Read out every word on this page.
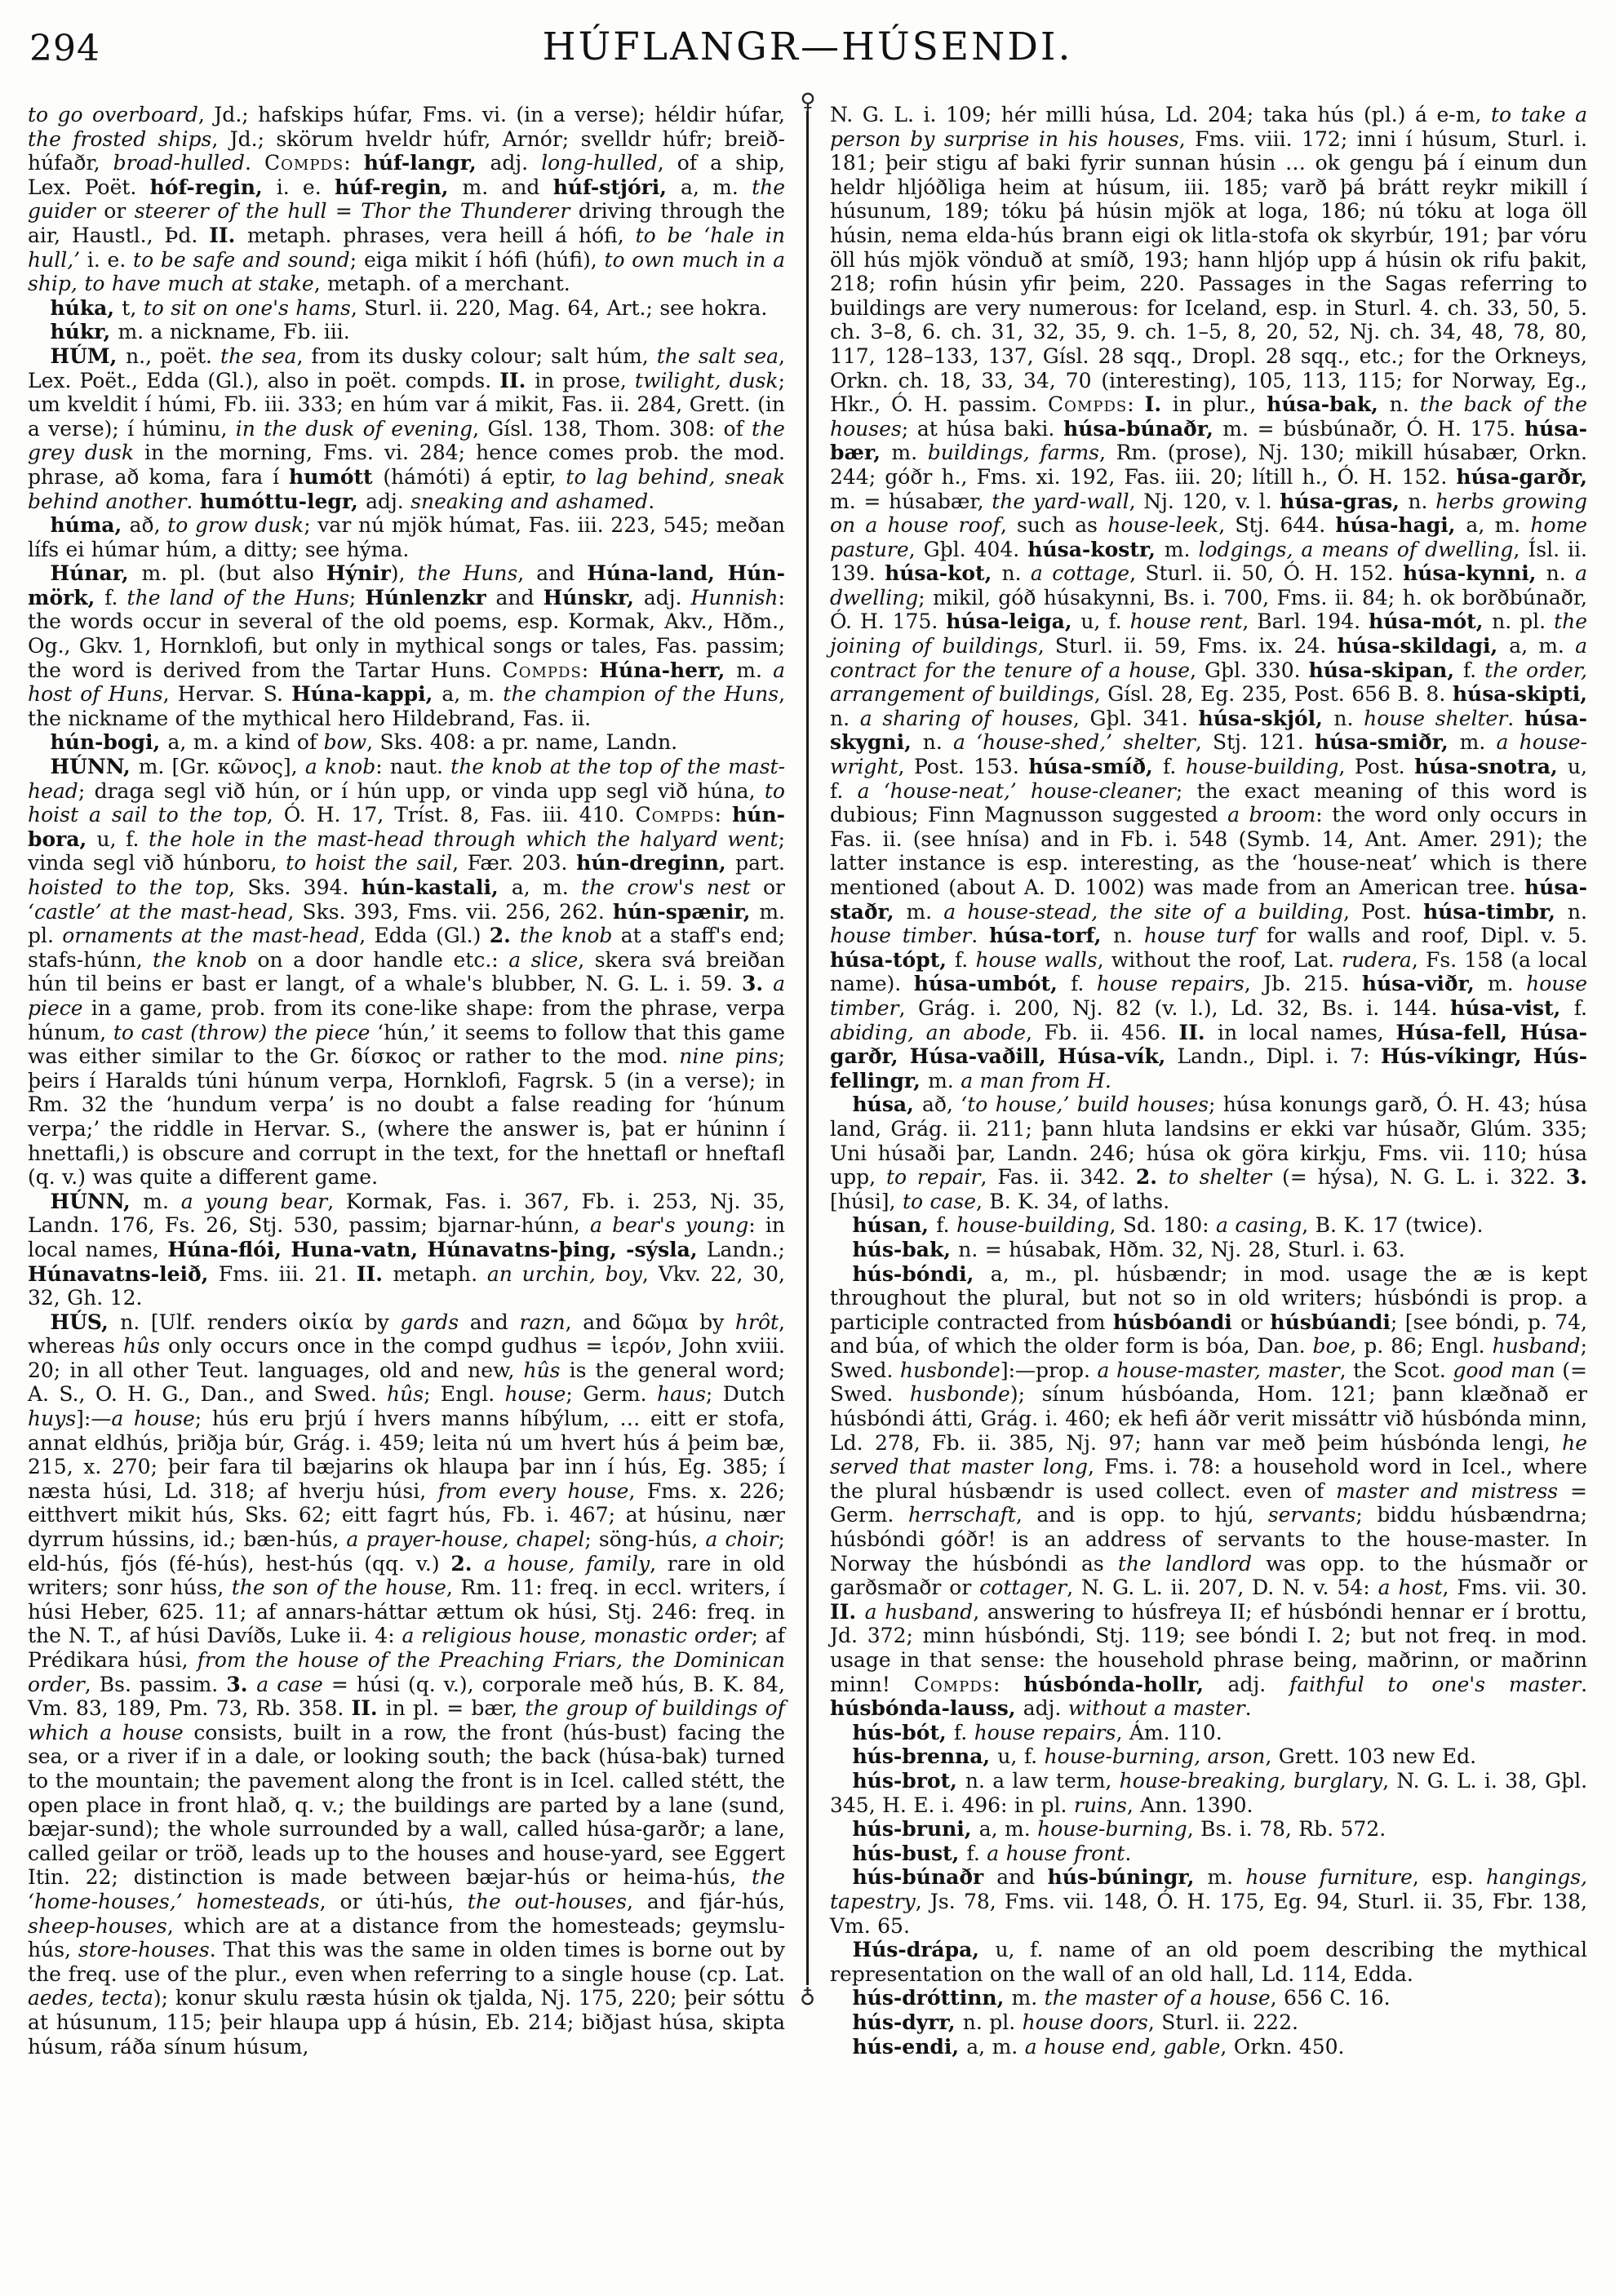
294	HÚFLANGR—HÚSENDI.

to go overboard, Jd.; hafskips húfar, Fms. vi. (in a verse); héldir húfar, the frosted ships, Jd.; skörum hveldr húfr, Arnór; svelldr húfr; breið-húfaðr, broad-hulled. Compds: húf-langr, adj. long-hulled, of a ship, Lex. Poët. hóf-regin, i. e. húf-regin, m. and húf-stjóri, a, m. the guider or steerer of the hull = Thor the Thunderer driving through the air, Haustl., Þd. II. metaph. phrases, vera heill á hófi, to be ‘hale in hull,’ i. e. to be safe and sound; eiga mikit í hófi (húfi), to own much in a ship, to have much at stake, metaph. of a merchant.

húka, t, to sit on one's hams, Sturl. ii. 220, Mag. 64, Art.; see hokra.

húkr, m. a nickname, Fb. iii.

HÚM, n., poët. the sea, from its dusky colour; salt húm, the salt sea, Lex. Poët., Edda (Gl.), also in poët. compds. II. in prose, twilight, dusk; um kveldit í húmi, Fb. iii. 333; en húm var á mikit, Fas. ii. 284, Grett. (in a verse); í húminu, in the dusk of evening, Gísl. 138, Thom. 308: of the grey dusk in the morning, Fms. vi. 284; hence comes prob. the mod. phrase, að koma, fara í humótt (hámóti) á eptir, to lag behind, sneak behind another. humóttu-legr, adj. sneaking and ashamed.

húma, að, to grow dusk; var nú mjök húmat, Fas. iii. 223, 545; meðan lífs ei húmar húm, a ditty; see hýma.

Húnar, m. pl. (but also Hýnir), the Huns, and Húna-land, Hún-mörk, f. the land of the Huns; Húnlenzkr and Húnskr, adj. Hunnish: the words occur in several of the old poems, esp. Kormak, Akv., Hðm., Og., Gkv. 1, Hornklofi, but only in mythical songs or tales, Fas. passim; the word is derived from the Tartar Huns. Compds: Húna-herr, m. a host of Huns, Hervar. S. Húna-kappi, a, m. the champion of the Huns, the nickname of the mythical hero Hildebrand, Fas. ii.

hún-bogi, a, m. a kind of bow, Sks. 408: a pr. name, Landn.

HÚNN, m. [Gr. κῶνος], a knob: naut. the knob at the top of the mast-head; draga segl við hún, or í hún upp, or vinda upp segl við húna, to hoist a sail to the top, Ó. H. 17, Tríst. 8, Fas. iii. 410. Compds: hún-bora, u, f. the hole in the mast-head through which the halyard went; vinda segl við húnboru, to hoist the sail, Fær. 203. hún-dreginn, part. hoisted to the top, Sks. 394. hún-kastali, a, m. the crow's nest or ‘castle’ at the mast-head, Sks. 393, Fms. vii. 256, 262. hún-spænir, m. pl. ornaments at the mast-head, Edda (Gl.) 2. the knob at a staff's end; stafs-húnn, the knob on a door handle etc.: a slice, skera svá breiðan hún til beins er bast er langt, of a whale's blubber, N. G. L. i. 59. 3. a piece in a game, prob. from its cone-like shape: from the phrase, verpa húnum, to cast (throw) the piece ‘hún,’ it seems to follow that this game was either similar to the Gr. δίσκος or rather to the mod. nine pins; þeirs í Haralds túni húnum verpa, Hornklofi, Fagrsk. 5 (in a verse); in Rm. 32 the ‘hundum verpa’ is no doubt a false reading for ‘húnum verpa;’ the riddle in Hervar. S., (where the answer is, þat er húninn í hnettafli,) is obscure and corrupt in the text, for the hnettafl or hneftafl (q. v.) was quite a different game.

HÚNN, m. a young bear, Kormak, Fas. i. 367, Fb. i. 253, Nj. 35, Landn. 176, Fs. 26, Stj. 530, passim; bjarnar-húnn, a bear's young: in local names, Húna-flói, Huna-vatn, Húnavatns-þing, -sýsla, Landn.; Húnavatns-leið, Fms. iii. 21. II. metaph. an urchin, boy, Vkv. 22, 30, 32, Gh. 12.

HÚS, n. [Ulf. renders οἰκία by gards and razn, and δῶμα by hrôt, whereas hûs only occurs once in the compd gudhus = ἱερόν, John xviii. 20; in all other Teut. languages, old and new, hûs is the general word; A. S., O. H. G., Dan., and Swed. hûs; Engl. house; Germ. haus; Dutch huys]:—a house; hús eru þrjú í hvers manns híbýlum, … eitt er stofa, annat eldhús, þriðja búr, Grág. i. 459; leita nú um hvert hús á þeim bæ, 215, x. 270; þeir fara til bæjarins ok hlaupa þar inn í hús, Eg. 385; í næsta húsi, Ld. 318; af hverju húsi, from every house, Fms. x. 226; eitthvert mikit hús, Sks. 62; eitt fagrt hús, Fb. i. 467; at húsinu, nær dyrrum hússins, id.; bæn-hús, a prayer-house, chapel; söng-hús, a choir; eld-hús, fjós (fé-hús), hest-hús (qq. v.) 2. a house, family, rare in old writers; sonr húss, the son of the house, Rm. 11: freq. in eccl. writers, í húsi Heber, 625. 11; af annars-háttar ættum ok húsi, Stj. 246: freq. in the N. T., af húsi Davíðs, Luke ii. 4: a religious house, monastic order; af Prédikara húsi, from the house of the Preaching Friars, the Dominican order, Bs. passim. 3. a case = húsi (q. v.), corporale með hús, B. K. 84, Vm. 83, 189, Pm. 73, Rb. 358. II. in pl. = bær, the group of buildings of which a house consists, built in a row, the front (hús-bust) facing the sea, or a river if in a dale, or looking south; the back (húsa-bak) turned to the mountain; the pavement along the front is in Icel. called stétt, the open place in front hlað, q. v.; the buildings are parted by a lane (sund, bæjar-sund); the whole surrounded by a wall, called húsa-garðr; a lane, called geilar or tröð, leads up to the houses and house-yard, see Eggert Itin. 22; distinction is made between bæjar-hús or heima-hús, the ‘home-houses,’ homesteads, or úti-hús, the out-houses, and fjár-hús, sheep-houses, which are at a distance from the homesteads; geymslu-hús, store-houses. That this was the same in olden times is borne out by the freq. use of the plur., even when referring to a single house (cp. Lat. aedes, tecta); konur skulu ræsta húsin ok tjalda, Nj. 175, 220; þeir sóttu at húsunum, 115; þeir hlaupa upp á húsin, Eb. 214; biðjast húsa, skipta húsum, ráða sínum húsum,

♁
♁

N. G. L. i. 109; hér milli húsa, Ld. 204; taka hús (pl.) á e-m, to take a person by surprise in his houses, Fms. viii. 172; inni í húsum, Sturl. i. 181; þeir stigu af baki fyrir sunnan húsin … ok gengu þá í einum dun heldr hljóðliga heim at húsum, iii. 185; varð þá brátt reykr mikill í húsunum, 189; tóku þá húsin mjök at loga, 186; nú tóku at loga öll húsin, nema elda-hús brann eigi ok litla-stofa ok skyrbúr, 191; þar vóru öll hús mjök vönduð at smíð, 193; hann hljóp upp á húsin ok rifu þakit, 218; rofin húsin yfir þeim, 220. Passages in the Sagas referring to buildings are very numerous: for Iceland, esp. in Sturl. 4. ch. 33, 50, 5. ch. 3–8, 6. ch. 31, 32, 35, 9. ch. 1–5, 8, 20, 52, Nj. ch. 34, 48, 78, 80, 117, 128–133, 137, Gísl. 28 sqq., Dropl. 28 sqq., etc.; for the Orkneys, Orkn. ch. 18, 33, 34, 70 (interesting), 105, 113, 115; for Norway, Eg., Hkr., Ó. H. passim. Compds: I. in plur., húsa-bak, n. the back of the houses; at húsa baki. húsa-búnaðr, m. = búsbúnaðr, Ó. H. 175. húsa-bær, m. buildings, farms, Rm. (prose), Nj. 130; mikill húsabær, Orkn. 244; góðr h., Fms. xi. 192, Fas. iii. 20; lítill h., Ó. H. 152. húsa-garðr, m. = húsabær, the yard-wall, Nj. 120, v. l. húsa-gras, n. herbs growing on a house roof, such as house-leek, Stj. 644. húsa-hagi, a, m. home pasture, Gþl. 404. húsa-kostr, m. lodgings, a means of dwelling, Ísl. ii. 139. húsa-kot, n. a cottage, Sturl. ii. 50, Ó. H. 152. húsa-kynni, n. a dwelling; mikil, góð húsakynni, Bs. i. 700, Fms. ii. 84; h. ok borðbúnaðr, Ó. H. 175. húsa-leiga, u, f. house rent, Barl. 194. húsa-mót, n. pl. the joining of buildings, Sturl. ii. 59, Fms. ix. 24. húsa-skildagi, a, m. a contract for the tenure of a house, Gþl. 330. húsa-skipan, f. the order, arrangement of buildings, Gísl. 28, Eg. 235, Post. 656 B. 8. húsa-skipti, n. a sharing of houses, Gþl. 341. húsa-skjól, n. house shelter. húsa-skygni, n. a ‘house-shed,’ shelter, Stj. 121. húsa-smiðr, m. a house-wright, Post. 153. húsa-smíð, f. house-building, Post. húsa-snotra, u, f. a ‘house-neat,’ house-cleaner; the exact meaning of this word is dubious; Finn Magnusson suggested a broom: the word only occurs in Fas. ii. (see hnísa) and in Fb. i. 548 (Symb. 14, Ant. Amer. 291); the latter instance is esp. interesting, as the ‘house-neat’ which is there mentioned (about A. D. 1002) was made from an American tree. húsa-staðr, m. a house-stead, the site of a building, Post. húsa-timbr, n. house timber. húsa-torf, n. house turf for walls and roof, Dipl. v. 5. húsa-tópt, f. house walls, without the roof, Lat. rudera, Fs. 158 (a local name). húsa-umbót, f. house repairs, Jb. 215. húsa-viðr, m. house timber, Grág. i. 200, Nj. 82 (v. l.), Ld. 32, Bs. i. 144. húsa-vist, f. abiding, an abode, Fb. ii. 456. II. in local names, Húsa-fell, Húsa-garðr, Húsa-vaðill, Húsa-vík, Landn., Dipl. i. 7: Hús-víkingr, Hús-fellingr, m. a man from H.

húsa, að, ‘to house,’ build houses; húsa konungs garð, Ó. H. 43; húsa land, Grág. ii. 211; þann hluta landsins er ekki var húsaðr, Glúm. 335; Uni húsaði þar, Landn. 246; húsa ok göra kirkju, Fms. vii. 110; húsa upp, to repair, Fas. ii. 342. 2. to shelter (= hýsa), N. G. L. i. 322. 3. [húsi], to case, B. K. 34, of laths.

húsan, f. house-building, Sd. 180: a casing, B. K. 17 (twice).

hús-bak, n. = húsabak, Hðm. 32, Nj. 28, Sturl. i. 63.

hús-bóndi, a, m., pl. húsbændr; in mod. usage the æ is kept throughout the plural, but not so in old writers; húsbóndi is prop. a participle contracted from húsbóandi or húsbúandi; [see bóndi, p. 74, and búa, of which the older form is bóa, Dan. boe, p. 86; Engl. husband; Swed. husbonde]:—prop. a house-master, master, the Scot. good man (= Swed. husbonde); sínum húsbóanda, Hom. 121; þann klæðnað er húsbóndi átti, Grág. i. 460; ek hefi áðr verit missáttr við húsbónda minn, Ld. 278, Fb. ii. 385, Nj. 97; hann var með þeim húsbónda lengi, he served that master long, Fms. i. 78: a household word in Icel., where the plural húsbændr is used collect. even of master and mistress = Germ. herrschaft, and is opp. to hjú, servants; biddu húsbændrna; húsbóndi góðr! is an address of servants to the house-master. In Norway the húsbóndi as the landlord was opp. to the húsmaðr or garðsmaðr or cottager, N. G. L. ii. 207, D. N. v. 54: a host, Fms. vii. 30. II. a husband, answering to húsfreya II; ef húsbóndi hennar er í brottu, Jd. 372; minn húsbóndi, Stj. 119; see bóndi I. 2; but not freq. in mod. usage in that sense: the household phrase being, maðrinn, or maðrinn minn! Compds: húsbónda-hollr, adj. faithful to one's master. húsbónda-lauss, adj. without a master.

hús-bót, f. house repairs, Ám. 110.

hús-brenna, u, f. house-burning, arson, Grett. 103 new Ed.

hús-brot, n. a law term, house-breaking, burglary, N. G. L. i. 38, Gþl. 345, H. E. i. 496: in pl. ruins, Ann. 1390.

hús-bruni, a, m. house-burning, Bs. i. 78, Rb. 572.

hús-bust, f. a house front.

hús-búnaðr and hús-búningr, m. house furniture, esp. hangings, tapestry, Js. 78, Fms. vii. 148, Ó. H. 175, Eg. 94, Sturl. ii. 35, Fbr. 138, Vm. 65.

Hús-drápa, u, f. name of an old poem describing the mythical representation on the wall of an old hall, Ld. 114, Edda.

hús-dróttinn, m. the master of a house, 656 C. 16.

hús-dyrr, n. pl. house doors, Sturl. ii. 222.

hús-endi, a, m. a house end, gable, Orkn. 450.
